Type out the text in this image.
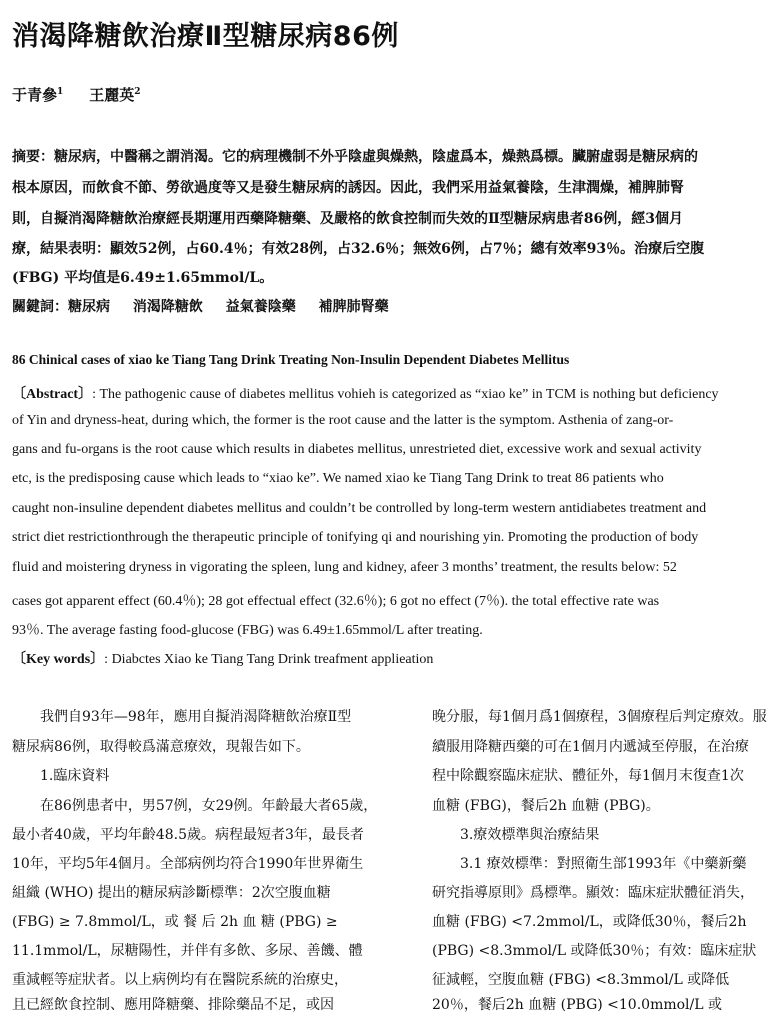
消渴降糖飲治療Ⅱ型糖尿病86例
于青參$^1$ 王麗英$^2$
摘要：糖尿病，中醫稱之謂消渴。它的病理機制不外乎陰虛與燥熱，陰虛爲本，燥熱爲標。臟腑虛弱是糖尿病的
根本原因，而飲食不節、勞欲過度等又是發生糖尿病的誘因。因此，我們采用益氣養陰，生津潤燥，補脾肺腎
則，自擬消渴降糖飲治療經長期運用西藥降糖藥、及嚴格的飲食控制而失效的Ⅱ型糖尿病患者86例，經3個月
療，結果表明：顯效52例，占60.4％；有效28例，占32.6％；無效6例，占7％；總有效率93％。治療后空腹
(FBG) 平均值是6.49±1.65mmol/L。
關鍵詞：糖尿病 消渴降糖飲 益氣養陰藥 補脾肺腎藥
86 Chinical cases of xiao ke Tiang Tang Drink Treating Non-Insulin Dependent Diabetes Mellitus
〔Abstract〕: The pathogenic cause of diabetes mellitus vohieh is categorized as “xiao ke” in TCM is nothing but deficiency
of Yin and dryness-heat, during which, the former is the root cause and the latter is the symptom. Asthenia of zang-or-
gans and fu-organs is the root cause which results in diabetes mellitus, unrestrieted diet, excessive work and sexual activity
etc, is the predisposing cause which leads to “xiao ke”. We named xiao ke Tiang Tang Drink to treat 86 patients who
caught non-insuline dependent diabetes mellitus and couldn’t be controlled by long-term western antidiabetes treatment and
strict diet restrictionthrough the therapeutic principle of tonifying qi and nourishing yin. Promoting the production of body
fluid and moistering dryness in vigorating the spleen, lung and kidney, afeer 3 months’ treatment, the results below: 52
cases got apparent effect (60.4％); 28 got effectual effect (32.6％); 6 got no effect (7％). the total effective rate was
93％. The average fasting food-glucose (FBG) was 6.49±1.65mmol/L after treating.
〔Key words〕: Diabctes Xiao ke Tiang Tang Drink treafment applieation
　　我們自93年—98年，應用自擬消渴降糖飲治療Ⅱ型
糖尿病86例，取得較爲滿意療效，現報告如下。
　　1.臨床資料
　　在86例患者中，男57例，女29例。年齡最大者65歲，
最小者40歲，平均年齡48.5歲。病程最短者3年，最長者
10年，平均5年4個月。全部病例均符合1990年世界衛生
組織 (WHO) 提出的糖尿病診斷標準：2次空腹血糖
(FBG) ≥ 7.8mmol/L，或 餐 后 2h 血 糖 (PBG) ≥
11.1mmol/L，尿糖陽性，并伴有多飲、多尿、善饑、體
重減輕等症狀者。以上病例均有在醫院系統的治療史，
且已經飲食控制、應用降糖藥、排除藥品不足，或因
晚分服，每1個月爲1個療程，3個療程后判定療效。服
續服用降糖西藥的可在1個月内遞減至停服，在治療
程中除觀察臨床症狀、體征外，每1個月末復查1次
血糖 (FBG)，餐后2h 血糖 (PBG)。
　　3.療效標準與治療結果
　　3.1 療效標準：對照衛生部1993年《中藥新藥
研究指導原則》爲標準。顯效：臨床症狀體征消失，
血糖 (FBG) <7.2mmol/L，或降低30％，餐后2h
(PBG) <8.3mmol/L 或降低30％；有效：臨床症狀
征減輕，空腹血糖 (FBG) <8.3mmol/L 或降低
20％，餐后2h 血糖 (PBG) <10.0mmol/L 或
